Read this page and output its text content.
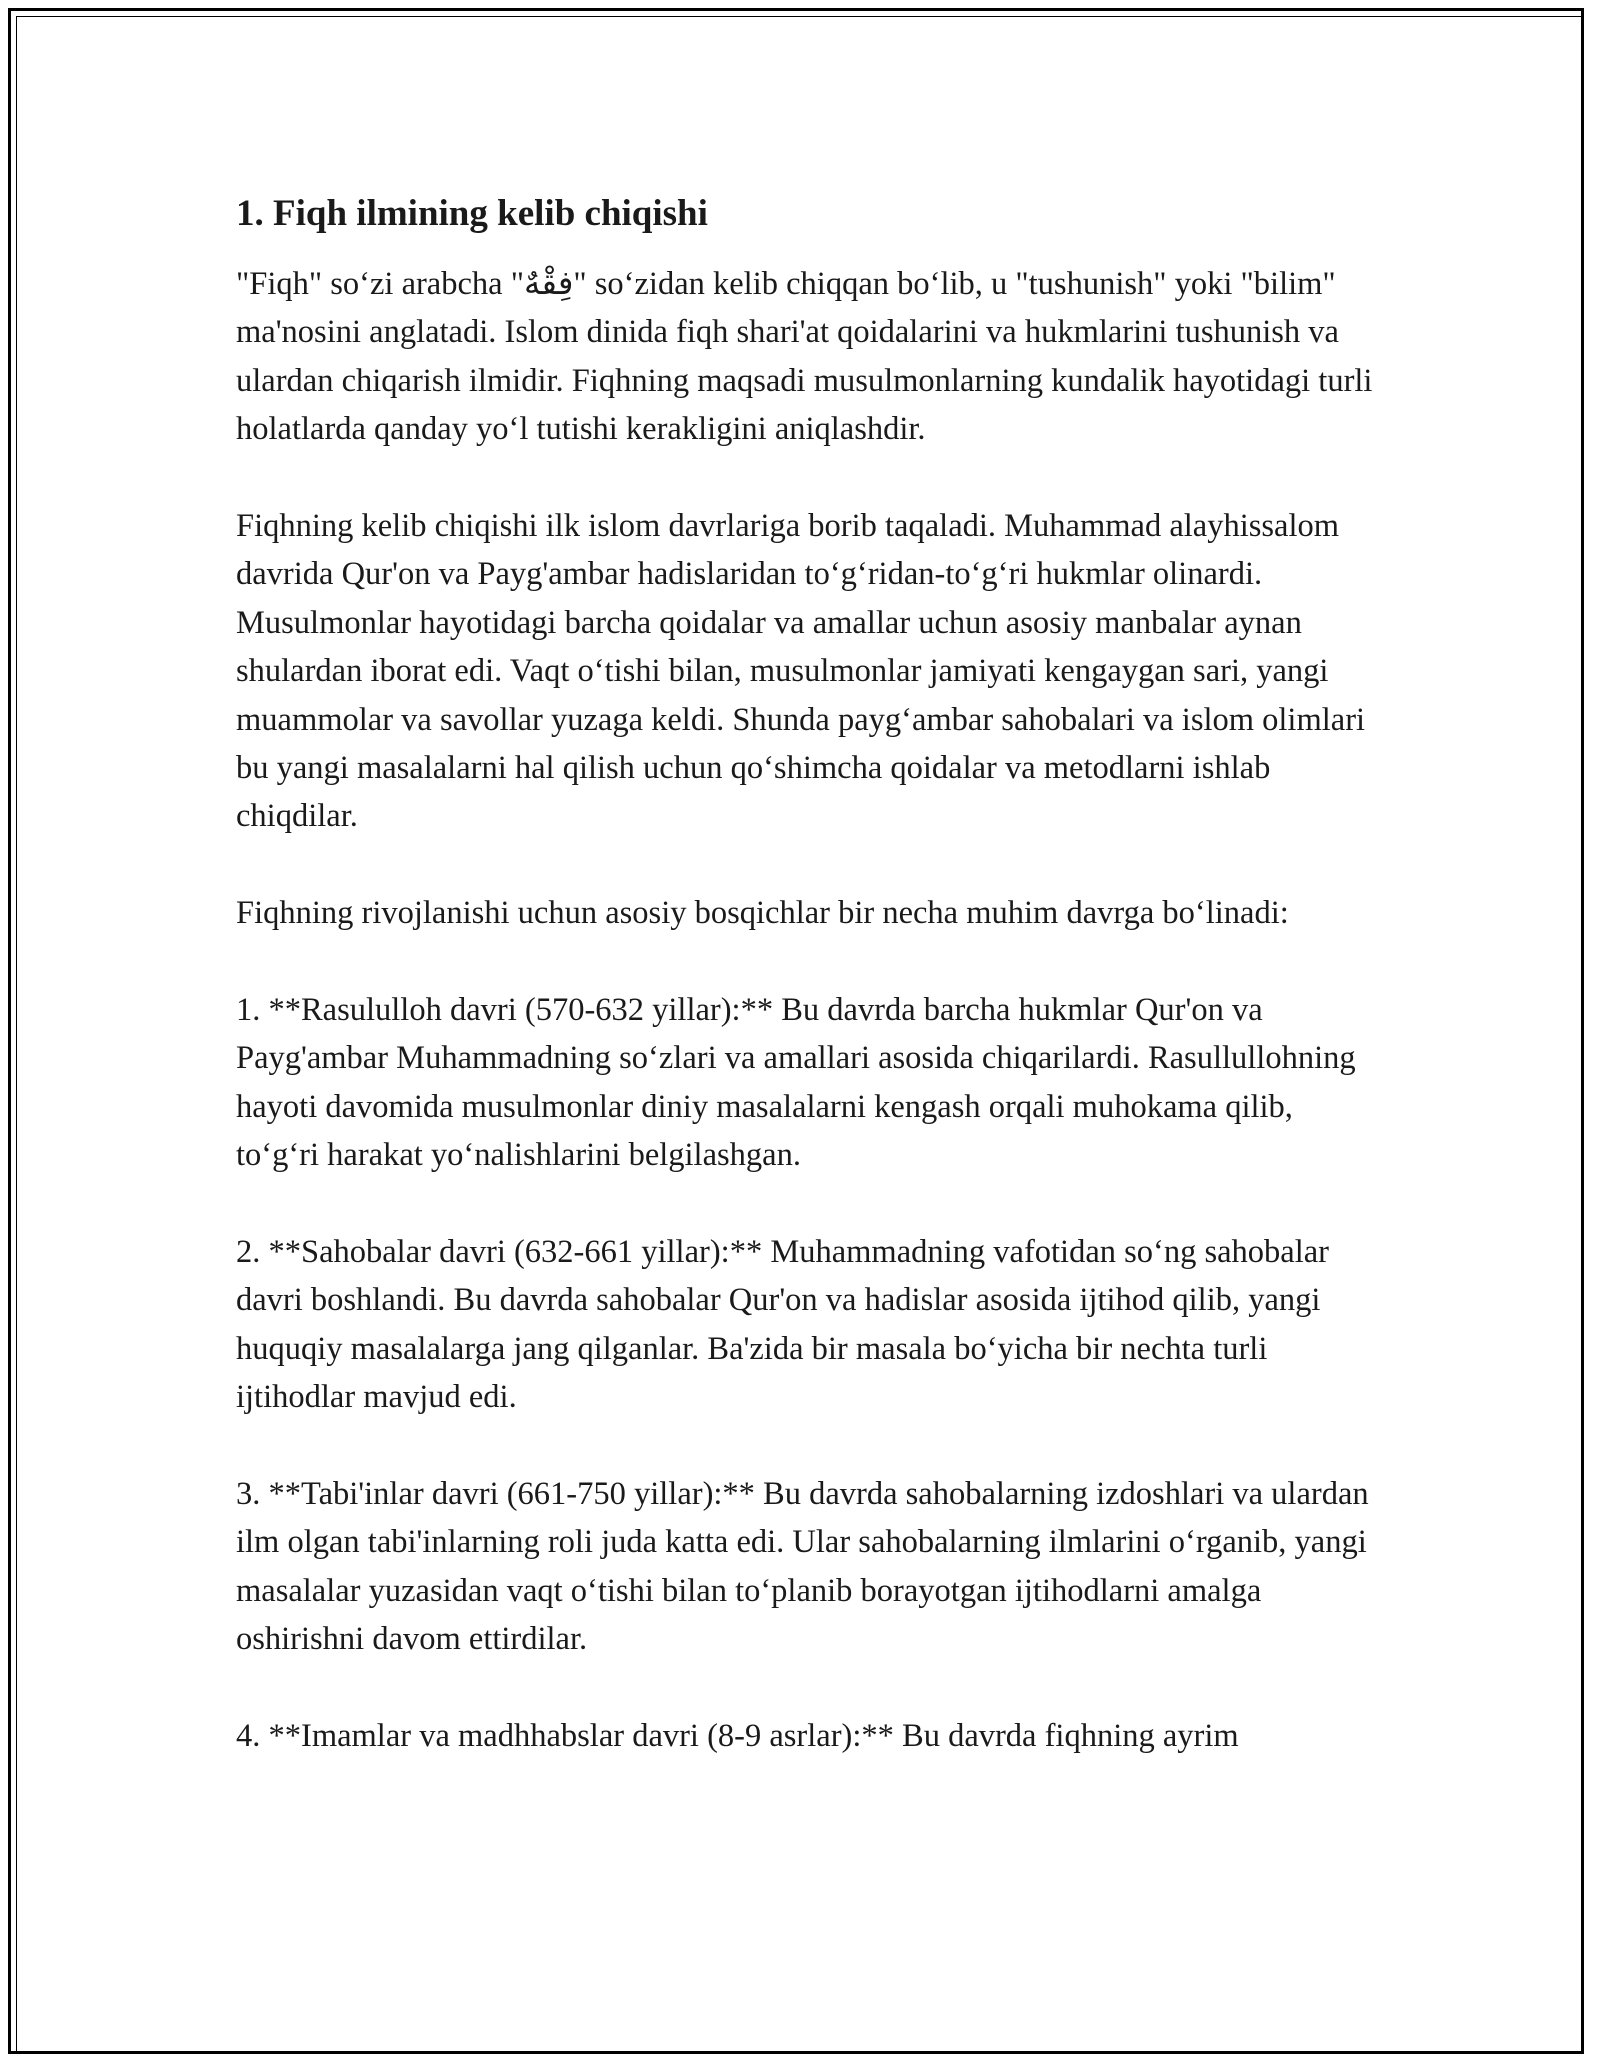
1. Fiqh ilmining kelib chiqishi

"Fiqh" so‘zi arabcha "فِقْهٌ" so‘zidan kelib chiqqan bo‘lib, u "tushunish" yoki "bilim" ma'nosini anglatadi. Islom dinida fiqh shari'at qoidalarini va hukmlarini tushunish va ulardan chiqarish ilmidir. Fiqhning maqsadi musulmonlarning kundalik hayotidagi turli holatlarda qanday yo‘l tutishi kerakligini aniqlashdir.

Fiqhning kelib chiqishi ilk islom davrlariga borib taqaladi. Muhammad alayhissalom davrida Qur'on va Payg'ambar hadislaridan to‘g‘ridan-to‘g‘ri hukmlar olinardi. Musulmonlar hayotidagi barcha qoidalar va amallar uchun asosiy manbalar aynan shulardan iborat edi. Vaqt o‘tishi bilan, musulmonlar jamiyati kengaygan sari, yangi muammolar va savollar yuzaga keldi. Shunda payg‘ambar sahobalari va islom olimlari bu yangi masalalarni hal qilish uchun qo‘shimcha qoidalar va metodlarni ishlab chiqdilar.

Fiqhning rivojlanishi uchun asosiy bosqichlar bir necha muhim davrga bo‘linadi:

1. **Rasululloh davri (570-632 yillar):** Bu davrda barcha hukmlar Qur'on va Payg'ambar Muhammadning so‘zlari va amallari asosida chiqarilardi. Rasullullohning hayoti davomida musulmonlar diniy masalalarni kengash orqali muhokama qilib, to‘g‘ri harakat yo‘nalishlarini belgilashgan.

2. **Sahobalar davri (632-661 yillar):** Muhammadning vafotidan so‘ng sahobalar davri boshlandi. Bu davrda sahobalar Qur'on va hadislar asosida ijtihod qilib, yangi huquqiy masalalarga jang qilganlar. Ba'zida bir masala bo‘yicha bir nechta turli ijtihodlar mavjud edi.

3. **Tabi'inlar davri (661-750 yillar):** Bu davrda sahobalarning izdoshlari va ulardan ilm olgan tabi'inlarning roli juda katta edi. Ular sahobalarning ilmlarini o‘rganib, yangi masalalar yuzasidan vaqt o‘tishi bilan to‘planib borayotgan ijtihodlarni amalga oshirishni davom ettirdilar.

4. **Imamlar va madhhabslar davri (8-9 asrlar):** Bu davrda fiqhning ayrim
